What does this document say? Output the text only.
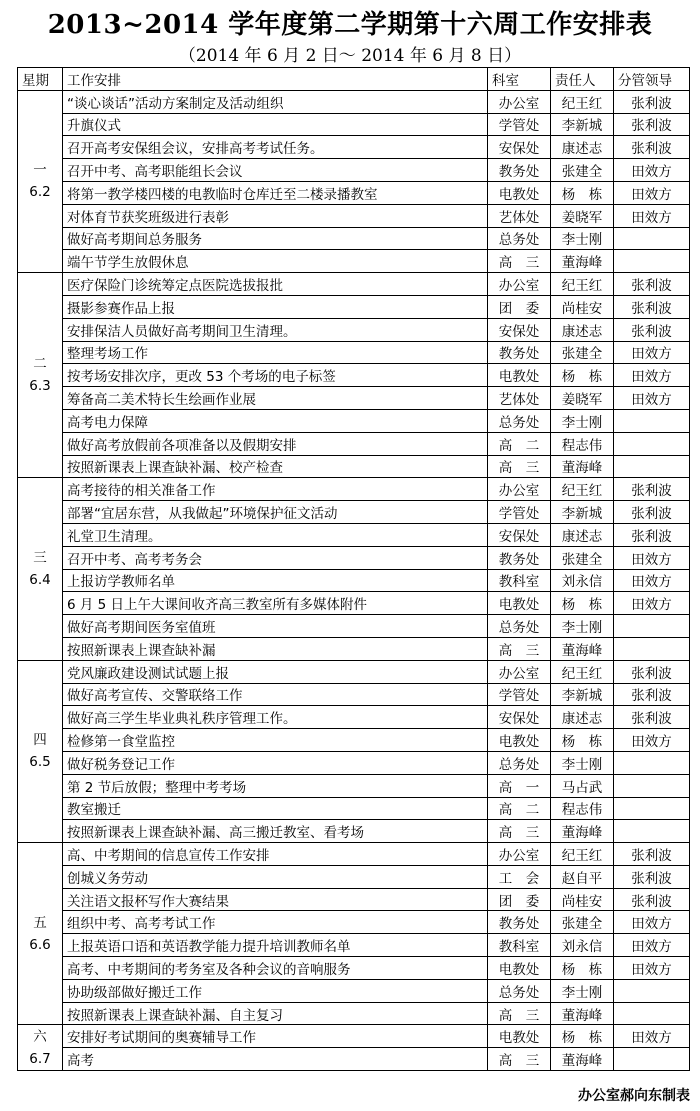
2013~2014 学年度第二学期第十六周工作安排表
（2014 年 6 月 2 日～ 2014 年 6 月 8 日）
星期	工作安排	科室	责任人	分管领导

一
6.2	“谈心谈话”活动方案制定及活动组织	办公室	纪王红	张利波
	升旗仪式	学管处	李新城	张利波
	召开高考安保组会议，安排高考考试任务。	安保处	康述志	张利波
	召开中考、高考职能组长会议	教务处	张建全	田效方
	将第一教学楼四楼的电教临时仓库迁至二楼录播教室	电教处	杨　栋	田效方
	对体育节获奖班级进行表彰	艺体处	姜晓军	田效方
	做好高考期间总务服务	总务处	李士刚	
	端午节学生放假休息	高　三	董海峰	

二
6.3	医疗保险门诊统筹定点医院选拔报批	办公室	纪王红	张利波
	摄影参赛作品上报	团　委	尚桂安	张利波
	安排保洁人员做好高考期间卫生清理。	安保处	康述志	张利波
	整理考场工作	教务处	张建全	田效方
	按考场安排次序，更改 53 个考场的电子标签	电教处	杨　栋	田效方
	筹备高二美术特长生绘画作业展	艺体处	姜晓军	田效方
	高考电力保障	总务处	李士刚	
	做好高考放假前各项准备以及假期安排	高　二	程志伟	
	按照新课表上课查缺补漏、校产检查	高　三	董海峰	

三
6.4	高考接待的相关准备工作	办公室	纪王红	张利波
	部署“宜居东营，从我做起”环境保护征文活动	学管处	李新城	张利波
	礼堂卫生清理。	安保处	康述志	张利波
	召开中考、高考考务会	教务处	张建全	田效方
	上报访学教师名单	教科室	刘永信	田效方
	6 月 5 日上午大课间收齐高三教室所有多媒体附件	电教处	杨　栋	田效方
	做好高考期间医务室值班	总务处	李士刚	
	按照新课表上课查缺补漏	高　三	董海峰	

四
6.5	党风廉政建设测试试题上报	办公室	纪王红	张利波
	做好高考宣传、交警联络工作	学管处	李新城	张利波
	做好高三学生毕业典礼秩序管理工作。	安保处	康述志	张利波
	检修第一食堂监控	电教处	杨　栋	田效方
	做好税务登记工作	总务处	李士刚	
	第 2 节后放假；整理中考考场	高　一	马占武	
	教室搬迁	高　二	程志伟	
	按照新课表上课查缺补漏、高三搬迁教室、看考场	高　三	董海峰	

五
6.6	高、中考期间的信息宣传工作安排	办公室	纪王红	张利波
	创城义务劳动	工　会	赵自平	张利波
	关注语文报杯写作大赛结果	团　委	尚桂安	张利波
	组织中考、高考考试工作	教务处	张建全	田效方
	上报英语口语和英语教学能力提升培训教师名单	教科室	刘永信	田效方
	高考、中考期间的考务室及各种会议的音响服务	电教处	杨　栋	田效方
	协助级部做好搬迁工作	总务处	李士刚	
	按照新课表上课查缺补漏、自主复习	高　三	董海峰	

六
6.7	安排好考试期间的奥赛辅导工作	电教处	杨　栋	田效方
	高考	高　三	董海峰	
办公室郝向东制表
